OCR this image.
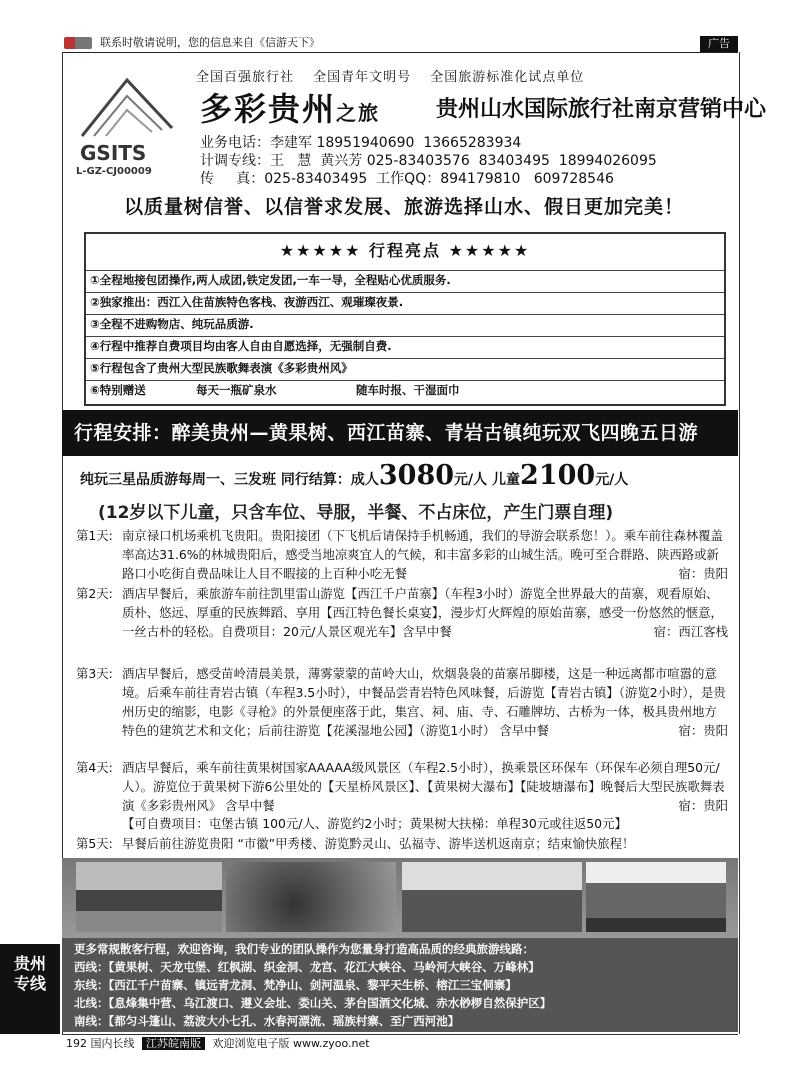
联系时敬请说明，您的信息来自《信游天下》	广告
GSITS
L-GZ-CJ00009
全国百强旅行社 全国青年文明号 全国旅游标准化试点单位
多彩贵州之旅	贵州山水国际旅行社南京营销中心
业务电话：李建军 18951940690  13665283934
计调专线：王   慧  黄兴芳 025-83403576  83403495  18994026095
传     真：025-83403495  工作QQ：894179810   609728546
以质量树信誉、以信誉求发展、旅游选择山水、假日更加完美！
★★★★★ 行程亮点 ★★★★★
①全程地接包团操作,两人成团,铁定发团,一车一导，全程贴心优质服务.
②独家推出：西江入住苗族特色客栈、夜游西江、观璀璨夜景.
③全程不进购物店、纯玩品质游.
④行程中推荐自费项目均由客人自由自愿选择，无强制自费.
⑤行程包含了贵州大型民族歌舞表演《多彩贵州风》
⑥特别赠送	每天一瓶矿泉水	随车时报、干湿面巾
行程安排：醉美贵州—黄果树、西江苗寨、青岩古镇纯玩双飞四晚五日游
纯玩三星品质游每周一、三发班 同行结算：成人3080元/人 儿童2100元/人
(12岁以下儿童，只含车位、导服，半餐、不占床位，产生门票自理)
第1天: 南京禄口机场乘机飞贵阳。贵阳接团（下飞机后请保持手机畅通，我们的导游会联系您！）。乘车前往森林覆盖率高达31.6%的林城贵阳后，感受当地凉爽宜人的气候，和丰富多彩的山城生活。晚可至合群路、陕西路或新路口小吃街自费品味让人目不暇接的上百种小吃无餐	宿：贵阳
第2天: 酒店早餐后，乘旅游车前往凯里雷山游览【西江千户苗寨】（车程3小时）游览全世界最大的苗寨，观看原始、质朴、悠远、厚重的民族舞蹈、享用【西江特色餐长桌宴】，漫步灯火辉煌的原始苗寨，感受一份悠然的惬意，一丝古朴的轻松。自费项目：20元/人景区观光车】含早中餐	宿：西江客栈
第3天: 酒店早餐后，感受苗岭清晨美景，薄雾蒙蒙的苗岭大山，炊烟袅袅的苗寨吊脚楼，这是一种远离都市喧嚣的意境。后乘车前往青岩古镇（车程3.5小时），中餐品尝青岩特色风味餐，后游览【青岩古镇】（游览2小时），是贵州历史的缩影，电影《寻枪》的外景便座落于此，集宫、祠、庙、寺、石雕牌坊、古桥为一体，极具贵州地方特色的建筑艺术和文化；后前往游览【花溪湿地公园】（游览1小时） 含早中餐	宿：贵阳
第4天: 酒店早餐后，乘车前往黄果树国家AAAAA级风景区（车程2.5小时），换乘景区环保车（环保车必须自理50元/人）。游览位于黄果树下游6公里处的【天星桥风景区】、【黄果树大瀑布】【陡坡塘瀑布】晚餐后大型民族歌舞表演《多彩贵州风》 含早中餐	宿：贵阳
【可自费项目：屯堡古镇 100元/人、游览约2小时；黄果树大扶梯：单程30元或往返50元】
第5天: 早餐后前往游览贵阳 “市徽”甲秀楼、游览黔灵山、弘福寺、游毕送机返南京；结束愉快旅程！
更多常规散客行程，欢迎咨询，我们专业的团队操作为您量身打造高品质的经典旅游线路：
西线：【黄果树、天龙屯堡、红枫湖、织金洞、龙宫、花江大峡谷、马岭河大峡谷、万峰林】
东线：【西江千户苗寨、镇远青龙洞、梵净山、剑河温泉、黎平天生桥、榕江三宝侗寨】
北线：【息烽集中营、乌江渡口、遵义会址、娄山关、茅台国酒文化城、赤水桫椤自然保护区】
南线：【都匀斗篷山、荔波大小七孔、水春河漂流、瑶族村寨、至广西河池】
贵州
专线
192 国内长线 江苏皖南版 欢迎浏览电子版 www.zyoo.net
